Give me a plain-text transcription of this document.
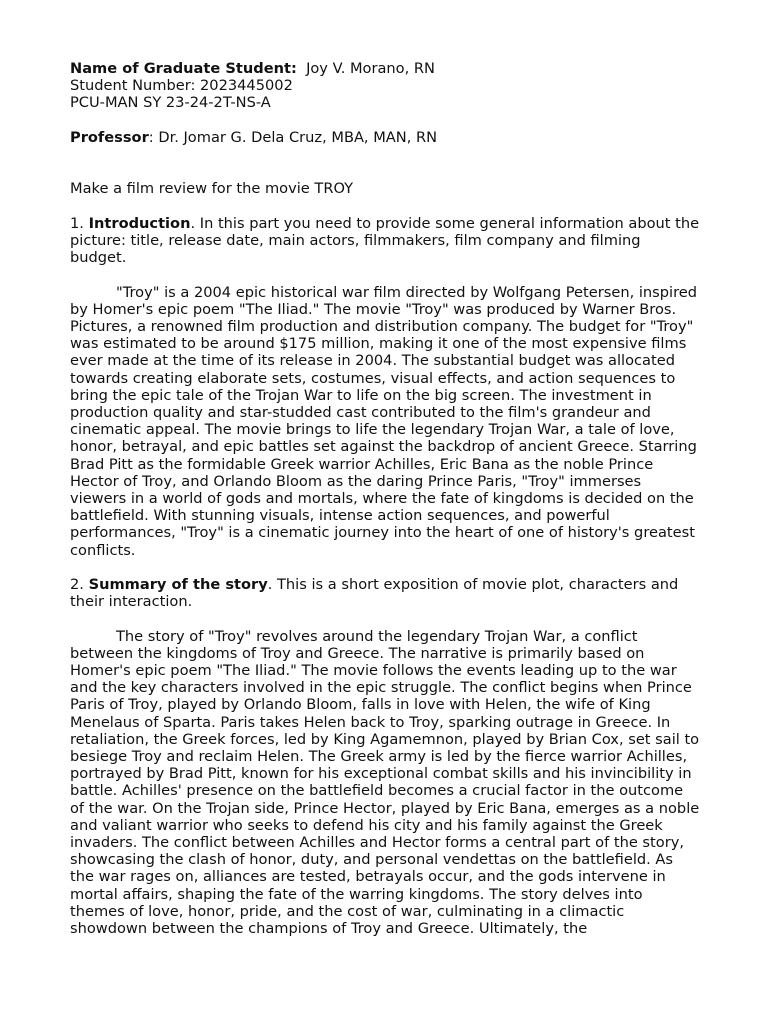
Name of Graduate Student: Joy V. Morano, RN
Student Number: 2023445002
PCU-MAN SY 23-24-2T-NS-A
Professor: Dr. Jomar G. Dela Cruz, MBA, MAN, RN

Make a film review for the movie TROY

1. Introduction. In this part you need to provide some general information about the picture: title, release date, main actors, filmmakers, film company and filming budget.

"Troy" is a 2004 epic historical war film directed by Wolfgang Petersen, inspired by Homer's epic poem "The Iliad." The movie "Troy" was produced by Warner Bros. Pictures, a renowned film production and distribution company. The budget for "Troy" was estimated to be around $175 million, making it one of the most expensive films ever made at the time of its release in 2004. The substantial budget was allocated towards creating elaborate sets, costumes, visual effects, and action sequences to bring the epic tale of the Trojan War to life on the big screen. The investment in production quality and star-studded cast contributed to the film's grandeur and cinematic appeal. The movie brings to life the legendary Trojan War, a tale of love, honor, betrayal, and epic battles set against the backdrop of ancient Greece. Starring Brad Pitt as the formidable Greek warrior Achilles, Eric Bana as the noble Prince Hector of Troy, and Orlando Bloom as the daring Prince Paris, "Troy" immerses viewers in a world of gods and mortals, where the fate of kingdoms is decided on the battlefield. With stunning visuals, intense action sequences, and powerful performances, "Troy" is a cinematic journey into the heart of one of history's greatest conflicts.

2. Summary of the story. This is a short exposition of movie plot, characters and their interaction.

The story of "Troy" revolves around the legendary Trojan War, a conflict between the kingdoms of Troy and Greece. The narrative is primarily based on Homer's epic poem "The Iliad." The movie follows the events leading up to the war and the key characters involved in the epic struggle. The conflict begins when Prince Paris of Troy, played by Orlando Bloom, falls in love with Helen, the wife of King Menelaus of Sparta. Paris takes Helen back to Troy, sparking outrage in Greece. In retaliation, the Greek forces, led by King Agamemnon, played by Brian Cox, set sail to besiege Troy and reclaim Helen. The Greek army is led by the fierce warrior Achilles, portrayed by Brad Pitt, known for his exceptional combat skills and his invincibility in battle. Achilles' presence on the battlefield becomes a crucial factor in the outcome of the war. On the Trojan side, Prince Hector, played by Eric Bana, emerges as a noble and valiant warrior who seeks to defend his city and his family against the Greek invaders. The conflict between Achilles and Hector forms a central part of the story, showcasing the clash of honor, duty, and personal vendettas on the battlefield. As the war rages on, alliances are tested, betrayals occur, and the gods intervene in mortal affairs, shaping the fate of the warring kingdoms. The story delves into themes of love, honor, pride, and the cost of war, culminating in a climactic showdown between the champions of Troy and Greece. Ultimately, the
